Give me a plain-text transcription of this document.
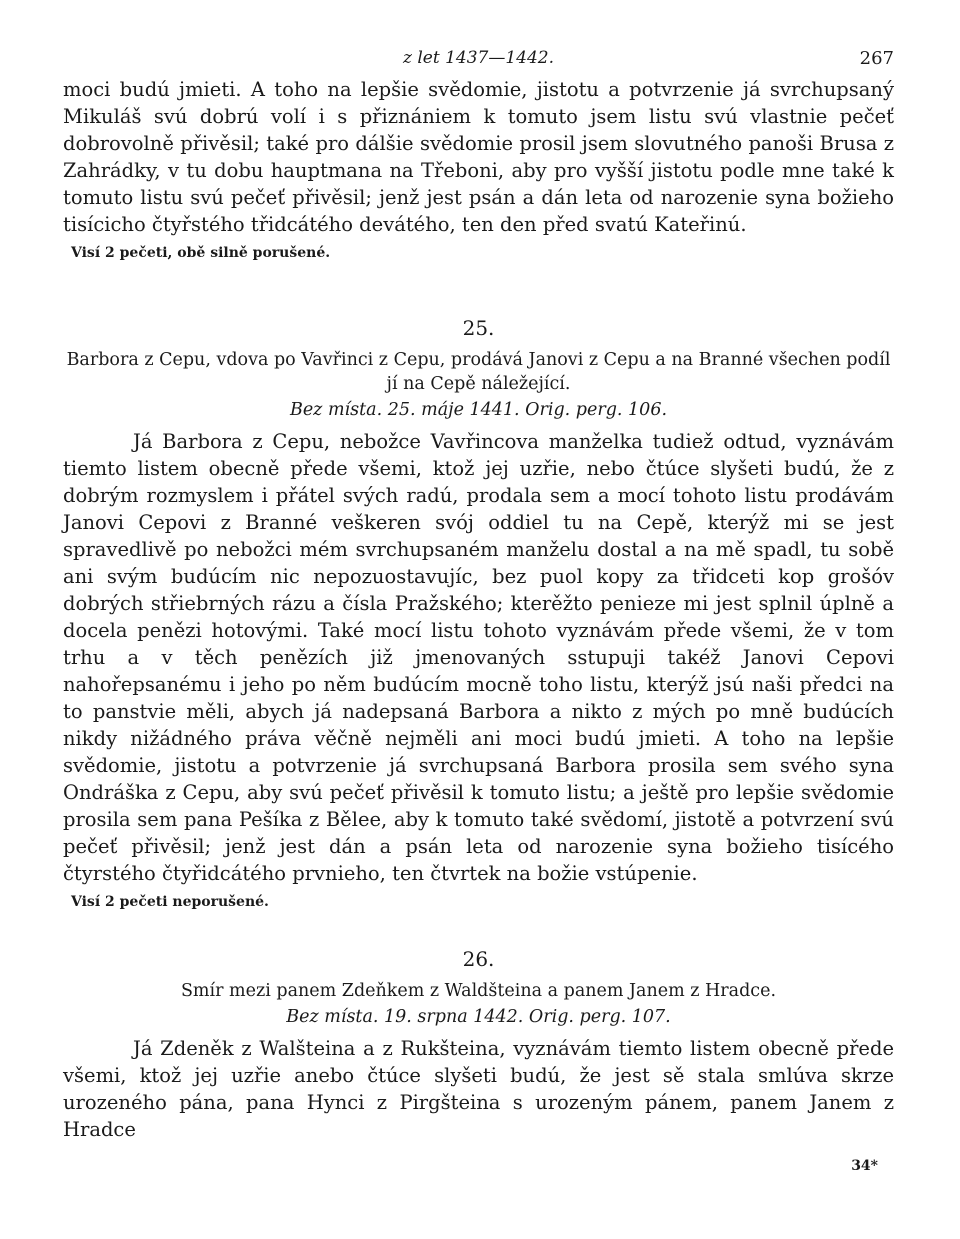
z let 1437—1442.	267

moci budú jmieti. A toho na lepšie svědomie, jistotu a potvrzenie já svrchupsaný Mikuláš svú dobrú volí i s přiznániem k tomuto jsem listu svú vlastnie pečeť dobrovolně přivěsil; také pro dálšie svědomie prosil jsem slovutného panoši Brusa z Zahrádky, v tu dobu hauptmana na Třeboni, aby pro vyšší jistotu podle mne také k tomuto listu svú pečeť přivěsil; jenž jest psán a dán leta od narozenie syna božieho tisícicho čtyřstého třidcátého devátého, ten den před svatú Kateřinú.

Visí 2 pečeti, obě silně porušené.

25.

Barbora z Cepu, vdova po Vavřinci z Cepu, prodává Janovi z Cepu a na Branné všechen podíl jí na Cepě náležející.

Bez místa. 25. máje 1441. Orig. perg. 106.

Já Barbora z Cepu, nebožce Vavřincova manželka tudiež odtud, vyznávám tiemto listem obecně přede všemi, ktož jej uzřie, nebo čtúce slyšeti budú, že z dobrým rozmyslem i přátel svých radú, prodala sem a mocí tohoto listu prodávám Janovi Cepovi z Branné veškeren svój oddiel tu na Cepě, kterýž mi se jest spravedlivě po nebožci mém svrchupsaném manželu dostal a na mě spadl, tu sobě ani svým budúcím nic nepozuostavujíc, bez puol kopy za třidceti kop grošóv dobrých střiebrných rázu a čísla Pražského; kterěžto penieze mi jest splnil úplně a docela penězi hotovými. Také mocí listu tohoto vyznávám přede všemi, že v tom trhu a v těch penězích již jmenovaných sstupuji takéž Janovi Cepovi nahořepsanému i jeho po něm budúcím mocně toho listu, kterýž jsú naši předci na to panstvie měli, abych já nadepsaná Barbora a nikto z mých po mně budúcích nikdy nižádného práva věčně nejměli ani moci budú jmieti. A toho na lepšie svědomie, jistotu a potvrzenie já svrchupsaná Barbora prosila sem svého syna Ondráška z Cepu, aby svú pečeť přivěsil k tomuto listu; a ještě pro lepšie svědomie prosila sem pana Pešíka z Bělee, aby k tomuto také svědomí, jistotě a potvrzení svú pečeť přivěsil; jenž jest dán a psán leta od narozenie syna božieho tisícého čtyrstého čtyřidcátého prvnieho, ten čtvrtek na božie vstúpenie.

Visí 2 pečeti neporušené.

26.

Smír mezi panem Zdeňkem z Waldšteina a panem Janem z Hradce.

Bez místa. 19. srpna 1442. Orig. perg. 107.

Já Zdeněk z Walšteina a z Rukšteina, vyznávám tiemto listem obecně přede všemi, ktož jej uzřie anebo čtúce slyšeti budú, že jest sě stala smlúva skrze urozeného pána, pana Hynci z Pirgšteina s urozeným pánem, panem Janem z Hradce

34*
